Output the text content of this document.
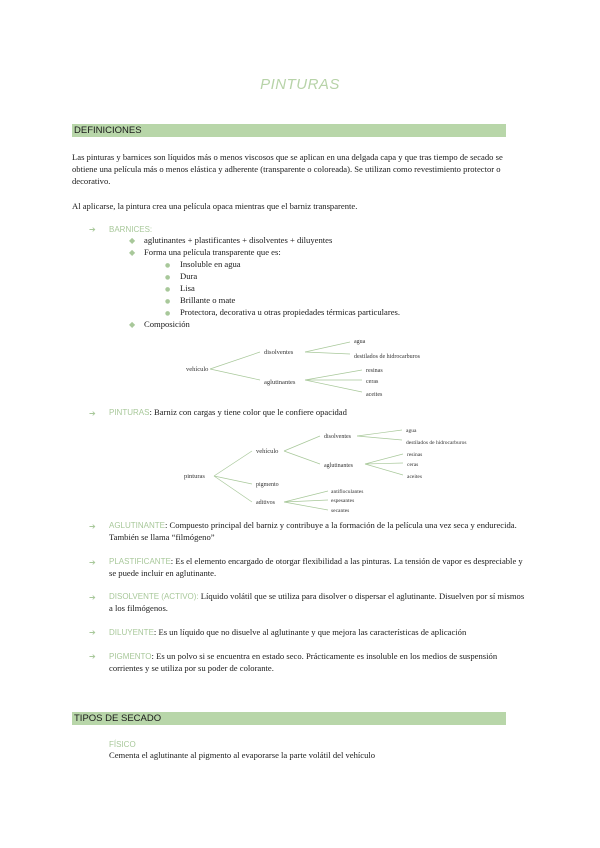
PINTURAS
DEFINICIONES
Las pinturas y barnices son líquidos más o menos viscosos que se aplican en una delgada capa y que tras tiempo de secado se obtiene una película más o menos elástica y adherente (transparente o coloreada). Se utilizan como revestimiento protector o decorativo.
Al aplicarse, la pintura crea una película opaca mientras que el barniz transparente.
➔ BARNICES:
◆ aglutinantes + plastificantes + disolventes + diluyentes
◆ Forma una película transparente que es:
● Insoluble en agua
● Dura
● Lisa
● Brillante o mate
● Protectora, decorativa u otras propiedades térmicas particulares.
◆ Composición
vehículo
disolventes
agua
destilados de hidrocarburos
aglutinantes
resinas
ceras
aceites
➔ PINTURAS: Barniz con cargas y tiene color que le confiere opacidad
pinturas
vehículo
disolventes
agua
destilados de hidrocarburos
aglutinantes
resinas
ceras
aceites
pigmento
aditivos
antifloculantes
espesantes
secantes
➔ AGLUTINANTE: Compuesto principal del barniz y contribuye a la formación de la película una vez seca y endurecida. También se llama “filmógeno”
➔ PLASTIFICANTE: Es el elemento encargado de otorgar flexibilidad a las pinturas. La tensión de vapor es despreciable y se puede incluir en aglutinante.
➔ DISOLVENTE (ACTIVO): Líquido volátil que se utiliza para disolver o dispersar el aglutinante. Disuelven por sí mismos a los filmógenos.
➔ DILUYENTE: Es un líquido que no disuelve al aglutinante y que mejora las características de aplicación
➔ PIGMENTO: Es un polvo si se encuentra en estado seco. Prácticamente es insoluble en los medios de suspensión corrientes y se utiliza por su poder de colorante.
TIPOS DE SECADO
FÍSICO
Cementa el aglutinante al pigmento al evaporarse la parte volátil del vehículo
